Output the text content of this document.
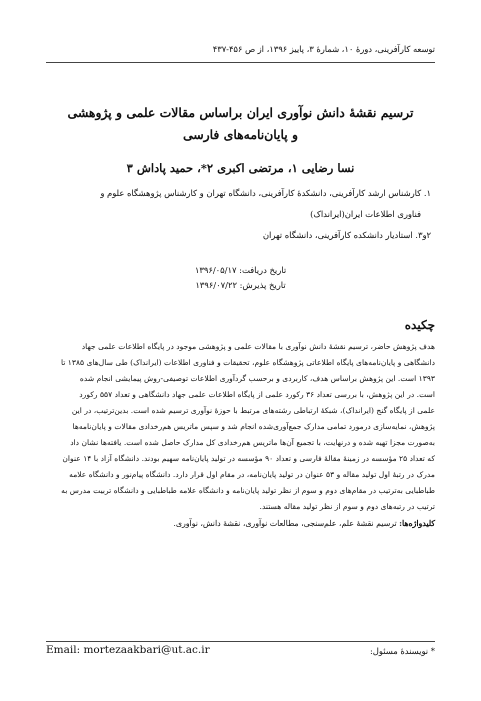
توسعه کارآفرینی، دورهٔ ۱۰، شمارهٔ ۳، پاییز ۱۳۹۶، از ص ۴۵۶-۴۳۷
ترسیم نقشهٔ دانش نوآوری ایران براساس مقالات علمی و پژوهشی
و پایان‌نامه‌های فارسی
نسا رضایی ۱، مرتضی اکبری ۲*، حمید پاداش ۳
۱. کارشناس ارشد کارآفرینی، دانشکدهٔ کارآفرینی، دانشگاه تهران و کارشناس پژوهشگاه علوم و
فناوری اطلاعات ایران(ایرانداک)
۲و۳. استادیار دانشکده کارآفرینی، دانشگاه تهران
تاریخ دریافت: ۱۳۹۶/۰۵/۱۷
تاریخ پذیرش: ۱۳۹۶/۰۷/۲۲
چکیده
هدف پژوهش حاضر، ترسیم نقشهٔ دانش نوآوری با مقالات علمی و پژوهشی موجود در پایگاه اطلاعات علمی جهاد
دانشگاهی و پایان‌نامه‌های پایگاه اطلاعاتی پژوهشگاه علوم، تحقیقات و فناوری اطلاعات (ایرانداک) طی سال‌های ۱۳۸۵ تا
۱۳۹۳ است. این پژوهش براساس هدف، کاربردی و برحسب گردآوری اطلاعات توصیفی-روش پیمایشی انجام شده
است. در این پژوهش، با بررسی تعداد ۳۶ رکورد علمی از پایگاه اطلاعات علمی جهاد دانشگاهی و تعداد ۵۵۷ رکورد
علمی از پایگاه گنج (ایرانداک)، شبکهٔ ارتباطی رشته‌های مرتبط با حوزهٔ نوآوری ترسیم شده است. بدین‌ترتیب، در این
پژوهش، نمایه‌سازی درمورد تمامی مدارک جمع‌آوری‌شده انجام شد و سپس ماتریس هم‌رخدادی مقالات و پایان‌نامه‌ها
به‌صورت مجزا تهیه شده و درنهایت، با تجمیع آن‌ها ماتریس هم‌رخدادی کل مدارک حاصل شده است. یافته‌ها نشان داد
که تعداد ۲۵ مؤسسه در زمینهٔ مقالهٔ فارسی و تعداد ۹۰ مؤسسه در تولید پایان‌نامه سهیم بودند. دانشگاه آزاد با ۱۴ عنوان
مدرک در رتبهٔ اول تولید مقاله و ۵۳ عنوان در تولید پایان‌نامه، در مقام اول قرار دارد. دانشگاه پیام‌نور و دانشگاه علامه
طباطبایی به‌ترتیب در مقام‌های دوم و سوم از نظر تولید پایان‌نامه و دانشگاه علامه طباطبایی و دانشگاه تربیت مدرس به
ترتیب در رتبه‌های دوم و سوم از نظر تولید مقاله هستند.
کلیدواژه‌ها: ترسیم نقشهٔ علم، علم‌سنجی، مطالعات نوآوری، نقشهٔ دانش، نوآوری.
Email: mortezaakbari@ut.ac.ir	* نویسندهٔ مسئول:
